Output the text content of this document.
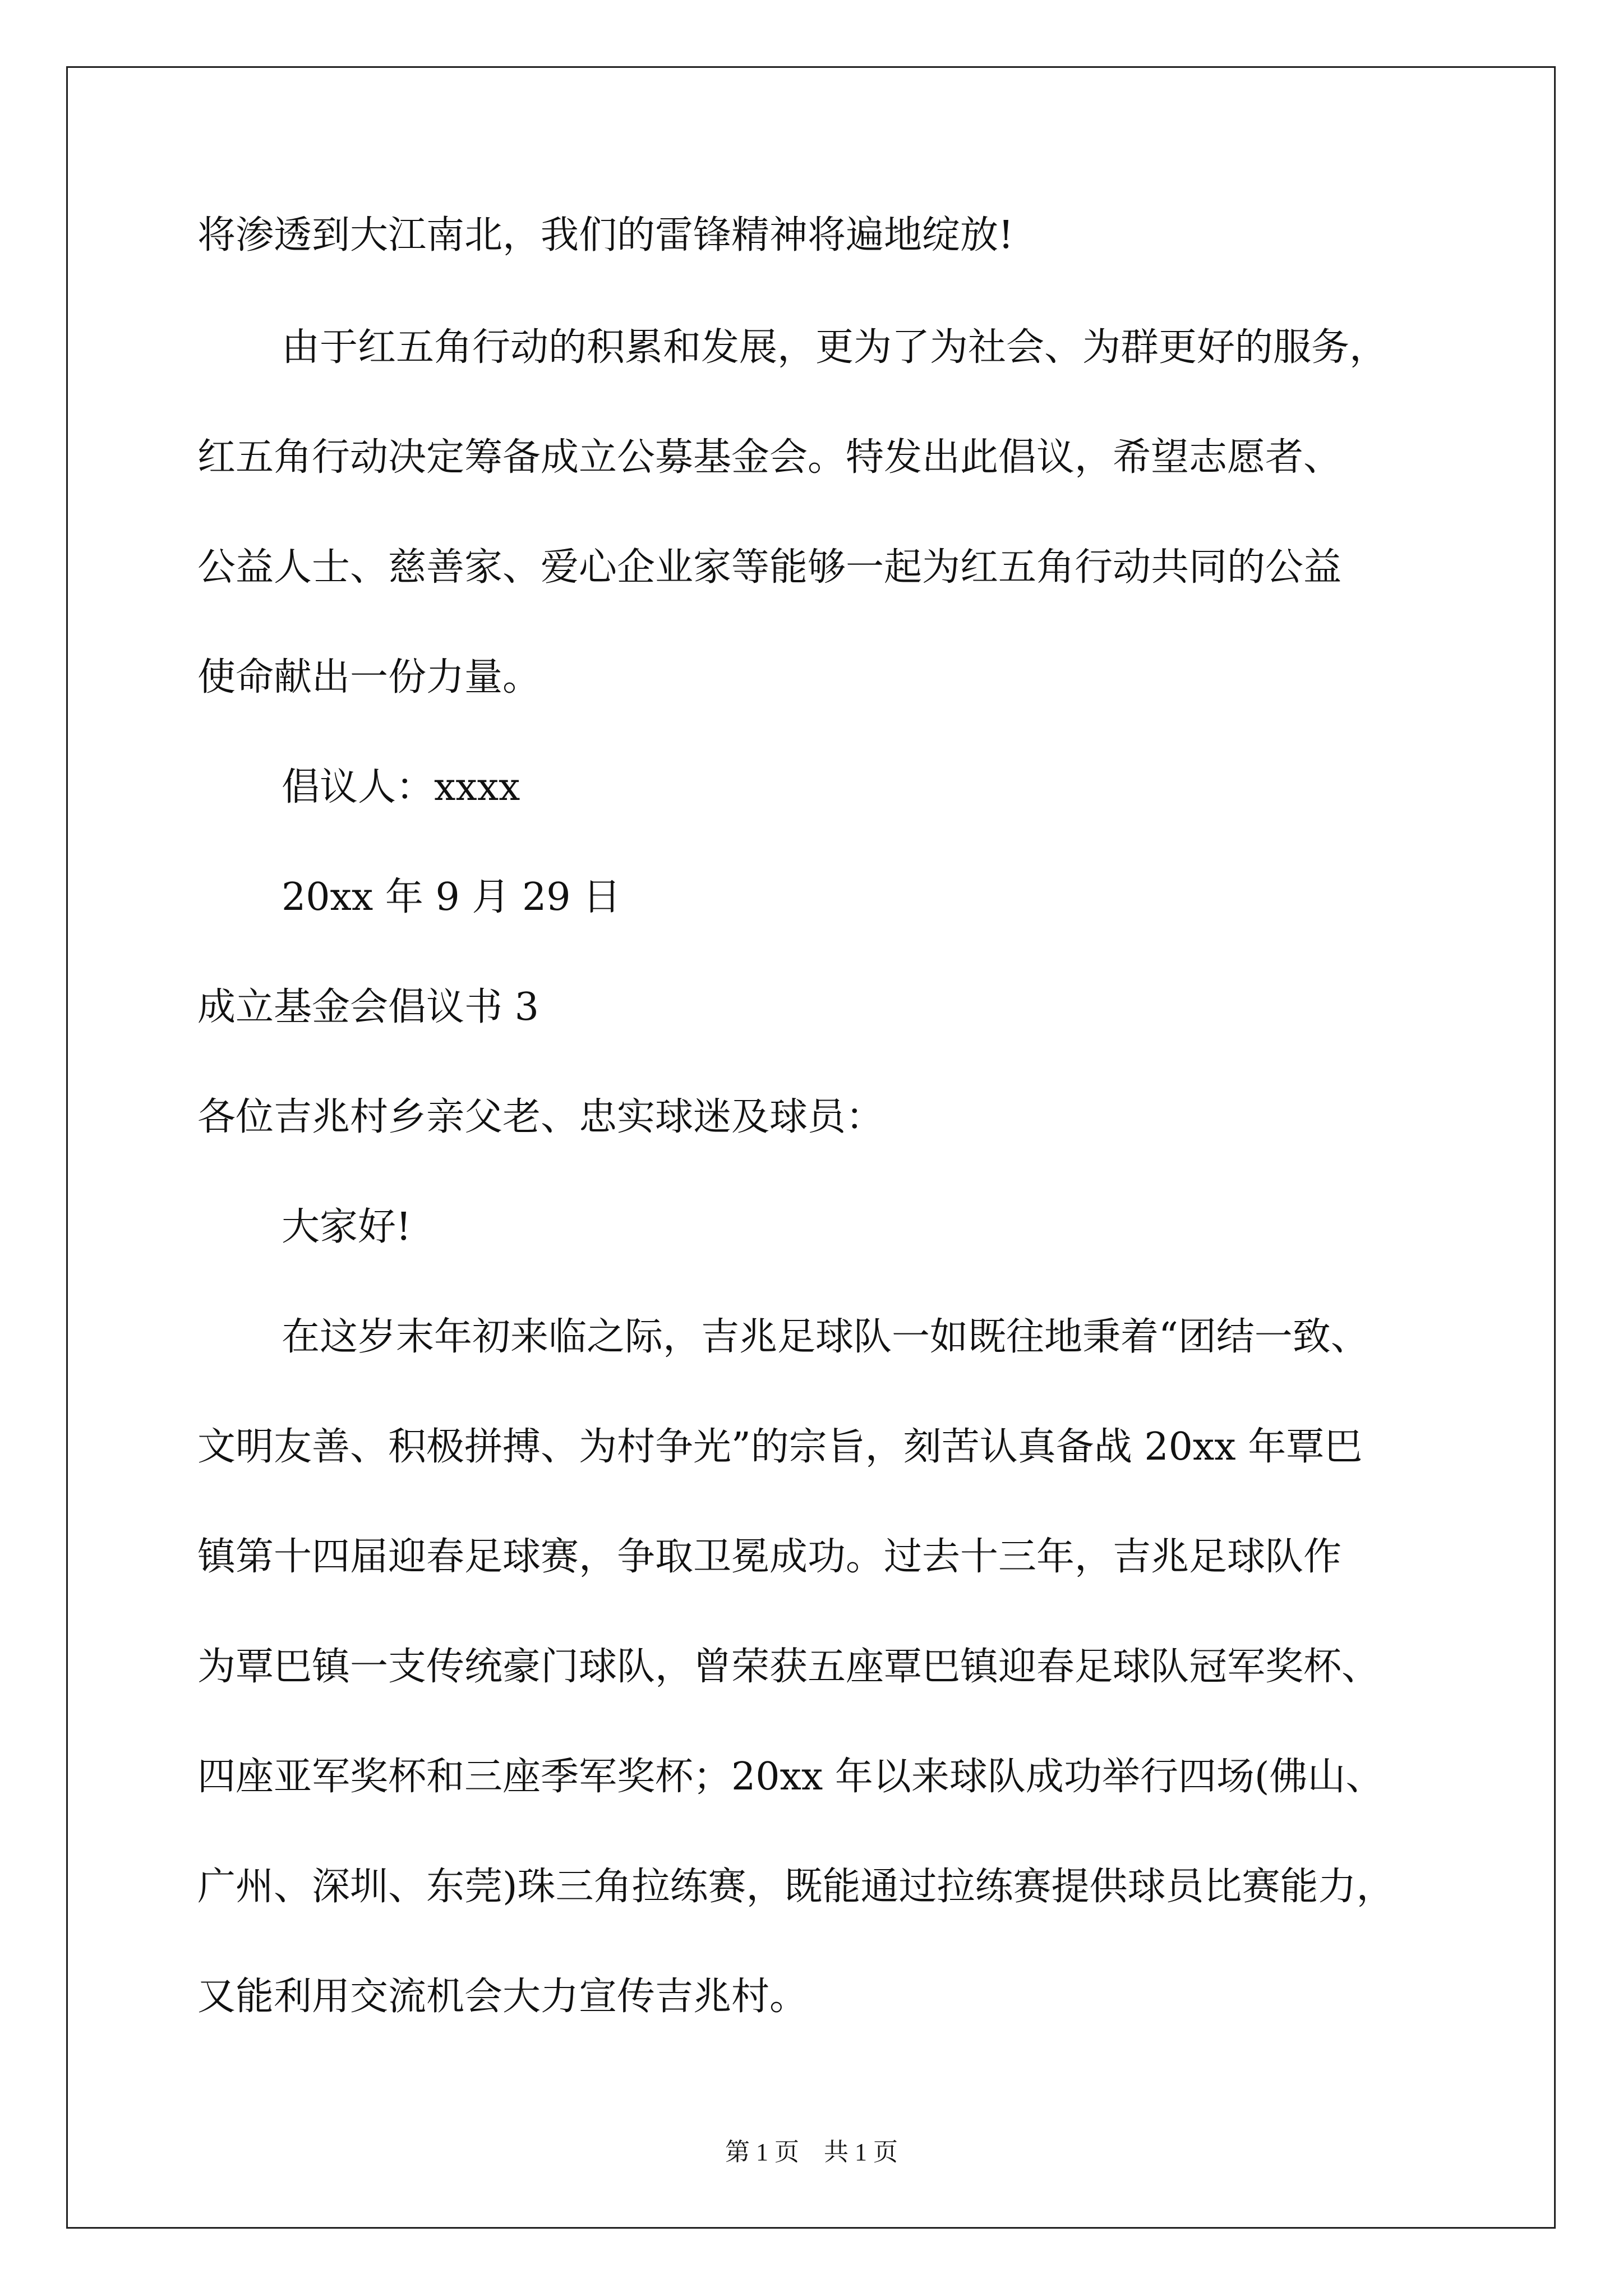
将渗透到大江南北，我们的雷锋精神将遍地绽放!
由于红五角行动的积累和发展，更为了为社会、为群更好的服务，
红五角行动决定筹备成立公募基金会。特发出此倡议，希望志愿者、
公益人士、慈善家、爱心企业家等能够一起为红五角行动共同的公益
使命献出一份力量。
倡议人：xxxx
20xx 年 9 月 29 日
成立基金会倡议书 3
各位吉兆村乡亲父老、忠实球迷及球员：
大家好!
在这岁末年初来临之际，吉兆足球队一如既往地秉着“团结一致、
文明友善、积极拼搏、为村争光”的宗旨，刻苦认真备战 20xx 年覃巴
镇第十四届迎春足球赛，争取卫冕成功。过去十三年，吉兆足球队作
为覃巴镇一支传统豪门球队，曾荣获五座覃巴镇迎春足球队冠军奖杯、
四座亚军奖杯和三座季军奖杯；20xx 年以来球队成功举行四场(佛山、
广州、深圳、东莞)珠三角拉练赛，既能通过拉练赛提供球员比赛能力，
又能利用交流机会大力宣传吉兆村。
第 1 页　共 1 页
